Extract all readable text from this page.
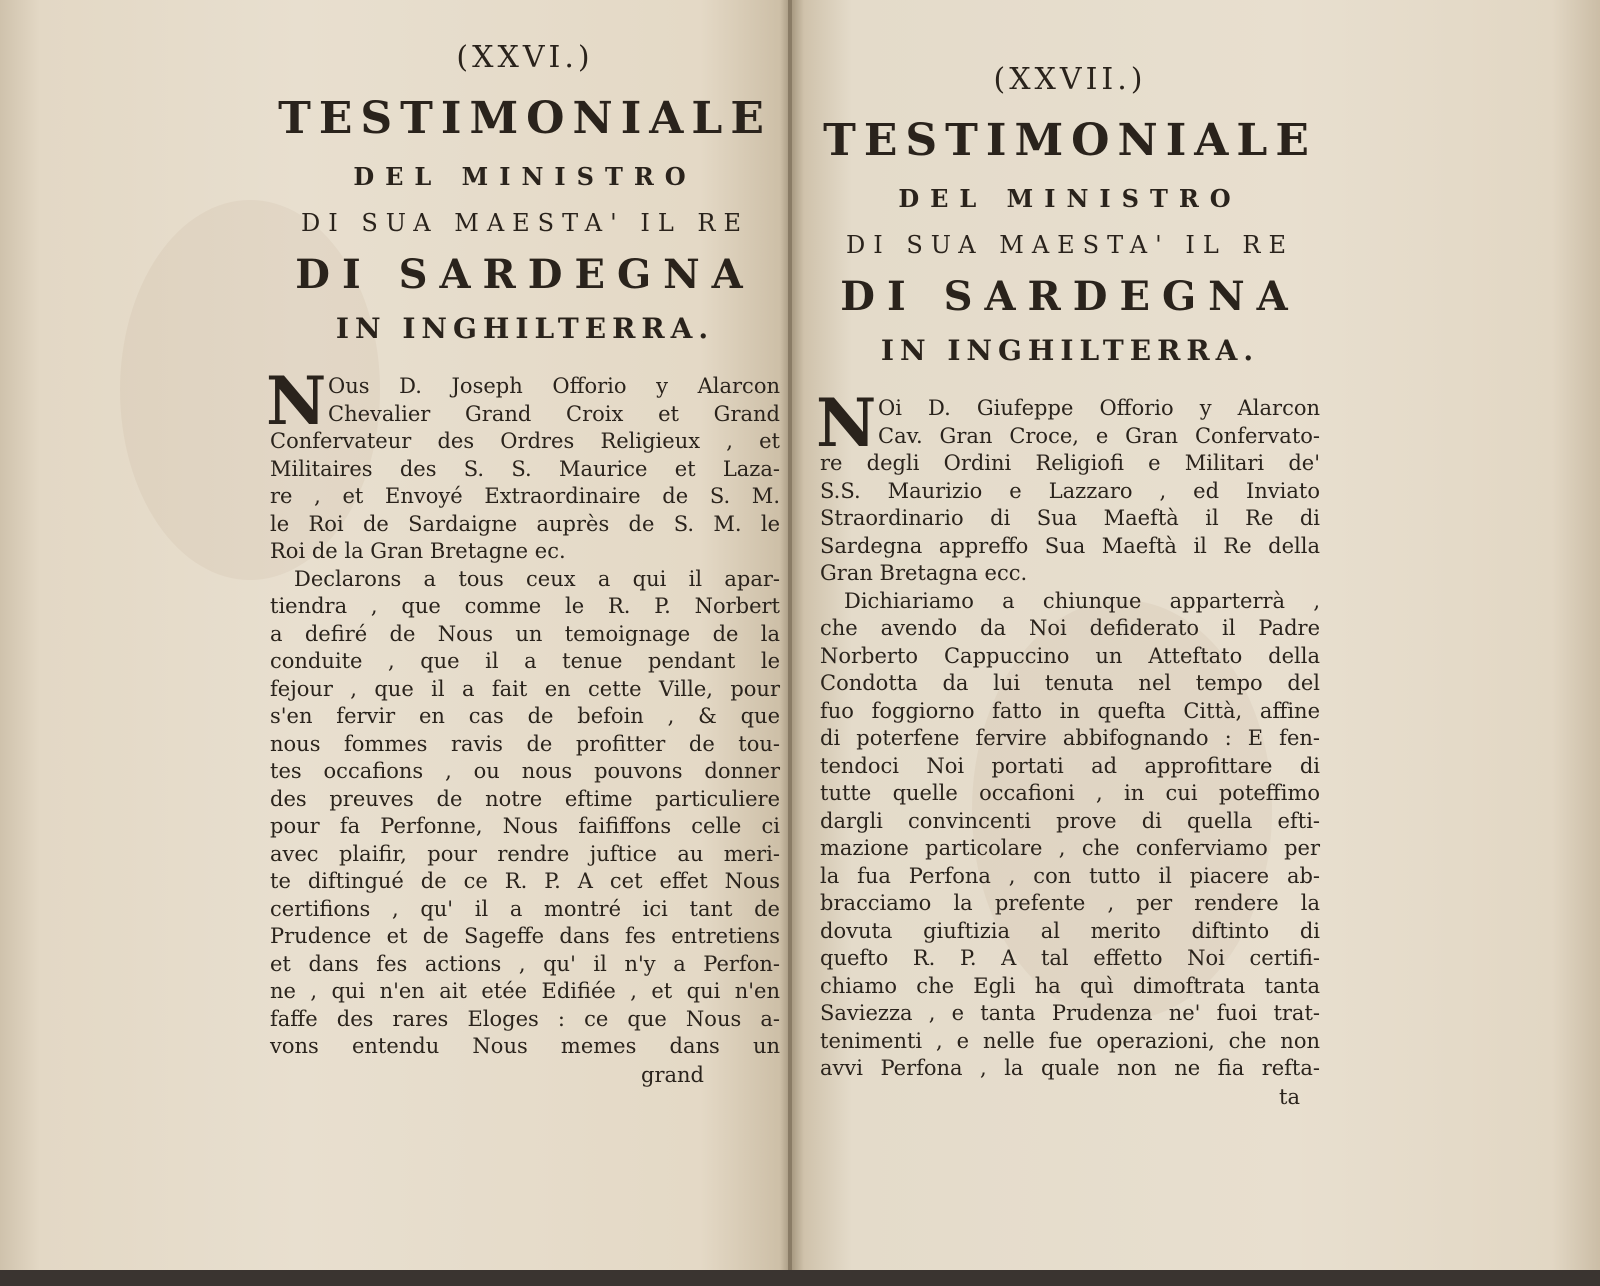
(XXVI.)
TESTIMONIALE
DEL MINISTRO
DI SUA MAESTA' IL RE
DI SARDEGNA
IN INGHILTERRA.
N Ous D. Joseph Offorio y Alarcon
Chevalier Grand Croix et Grand
Confervateur des Ordres Religieux , et
Militaires des S. S. Maurice et Laza-
re , et Envoyé Extraordinaire de S. M.
le Roi de Sardaigne auprès de S. M. le
Roi de la Gran Bretagne ec.
Declarons a tous ceux a qui il apar-
tiendra , que comme le R. P. Norbert
a defiré de Nous un temoignage de la
conduite , que il a tenue pendant le
fejour , que il a fait en cette Ville, pour
s'en fervir en cas de befoin , & que
nous fommes ravis de profitter de tou-
tes occafions , ou nous pouvons donner
des preuves de notre eftime particuliere
pour fa Perfonne, Nous faififfons celle ci
avec plaifir, pour rendre juftice au meri-
te diftingué de ce R. P. A cet effet Nous
certifions , qu' il a montré ici tant de
Prudence et de Sageffe dans fes entretiens
et dans fes actions , qu' il n'y a Perfon-
ne , qui n'en ait etée Edifiée , et qui n'en
faffe des rares Eloges : ce que Nous a-
vons entendu Nous memes dans un
grand
(XXVII.)
TESTIMONIALE
DEL MINISTRO
DI SUA MAESTA' IL RE
DI SARDEGNA
IN INGHILTERRA.
N Oi D. Giufeppe Offorio y Alarcon
Cav. Gran Croce, e Gran Confervato-
re degli Ordini Religiofi e Militari de'
S.S. Maurizio e Lazzaro , ed Inviato
Straordinario di Sua Maeftà il Re di
Sardegna appreffo Sua Maeftà il Re della
Gran Bretagna ecc.
Dichiariamo a chiunque apparterrà ,
che avendo da Noi defiderato il Padre
Norberto Cappuccino un Atteftato della
Condotta da lui tenuta nel tempo del
fuo foggiorno fatto in quefta Città, affine
di poterfene fervire abbifognando : E fen-
tendoci Noi portati ad approfittare di
tutte quelle occafioni , in cui poteffimo
dargli convincenti prove di quella efti-
mazione particolare , che conferviamo per
la fua Perfona , con tutto il piacere ab-
bracciamo la prefente , per rendere la
dovuta giuftizia al merito diftinto di
quefto R. P. A tal effetto Noi certifi-
chiamo che Egli ha quì dimoftrata tanta
Saviezza , e tanta Prudenza ne' fuoi trat-
tenimenti , e nelle fue operazioni, che non
avvi Perfona , la quale non ne fia refta-
ta
